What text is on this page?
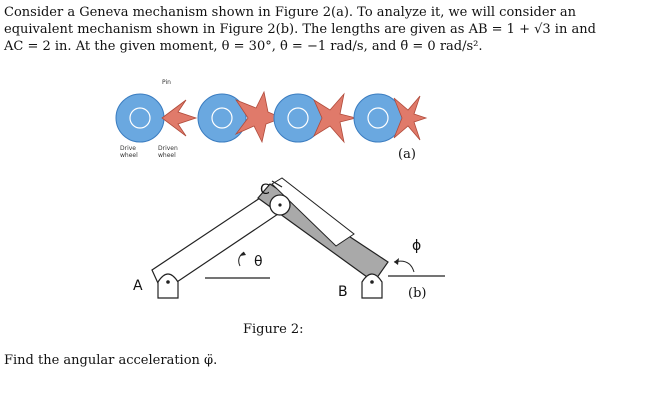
Consider a Geneva mechanism shown in Figure 2(a). To analyze it, we will consider an
equivalent mechanism shown in Figure 2(b). The lengths are given as AB = 1 + √3 in and
AC = 2 in. At the given moment, θ = 30°, θ̇ = −1 rad/s, and θ̈ = 0 rad/s².
Pin
Drive
wheel
Driven
wheel
A	B
C
θ
ϕ
(a)
(b)
Figure 2:
Find the angular acceleration φ̈.
